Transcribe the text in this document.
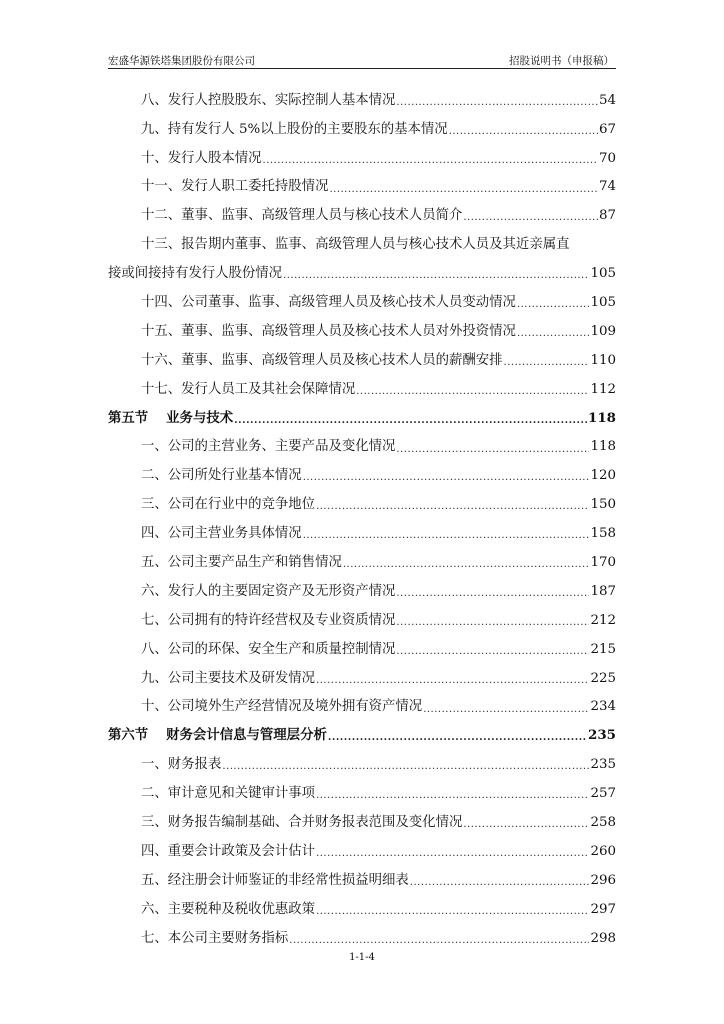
宏盛华源铁塔集团股份有限公司	招股说明书（申报稿）
八、发行人控股股东、实际控制人基本情况 .....	54
九、持有发行人 5%以上股份的主要股东的基本情况 .....	67
十、发行人股本情况 .....	70
十一、发行人职工委托持股情况 .....	74
十二、董事、监事、高级管理人员与核心技术人员简介 .....	87
十三、报告期内董事、监事、高级管理人员与核心技术人员及其近亲属直
接或间接持有发行人股份情况 .....	105
十四、公司董事、监事、高级管理人员及核心技术人员变动情况 .....	105
十五、董事、监事、高级管理人员及核心技术人员对外投资情况 .....	109
十六、董事、监事、高级管理人员及核心技术人员的薪酬安排 .....	110
十七、发行人员工及其社会保障情况 .....	112
第五节 业务与技术 .....	118
一、公司的主营业务、主要产品及变化情况 .....	118
二、公司所处行业基本情况 .....	120
三、公司在行业中的竞争地位 .....	150
四、公司主营业务具体情况 .....	158
五、公司主要产品生产和销售情况 .....	170
六、发行人的主要固定资产及无形资产情况 .....	187
七、公司拥有的特许经营权及专业资质情况 .....	212
八、公司的环保、安全生产和质量控制情况 .....	215
九、公司主要技术及研发情况 .....	225
十、公司境外生产经营情况及境外拥有资产情况 .....	234
第六节 财务会计信息与管理层分析 .....	235
一、财务报表 .....	235
二、审计意见和关键审计事项 .....	257
三、财务报告编制基础、合并财务报表范围及变化情况 .....	258
四、重要会计政策及会计估计 .....	260
五、经注册会计师鉴证的非经常性损益明细表 .....	296
六、主要税种及税收优惠政策 .....	297
七、本公司主要财务指标 .....	298
1-1-4
